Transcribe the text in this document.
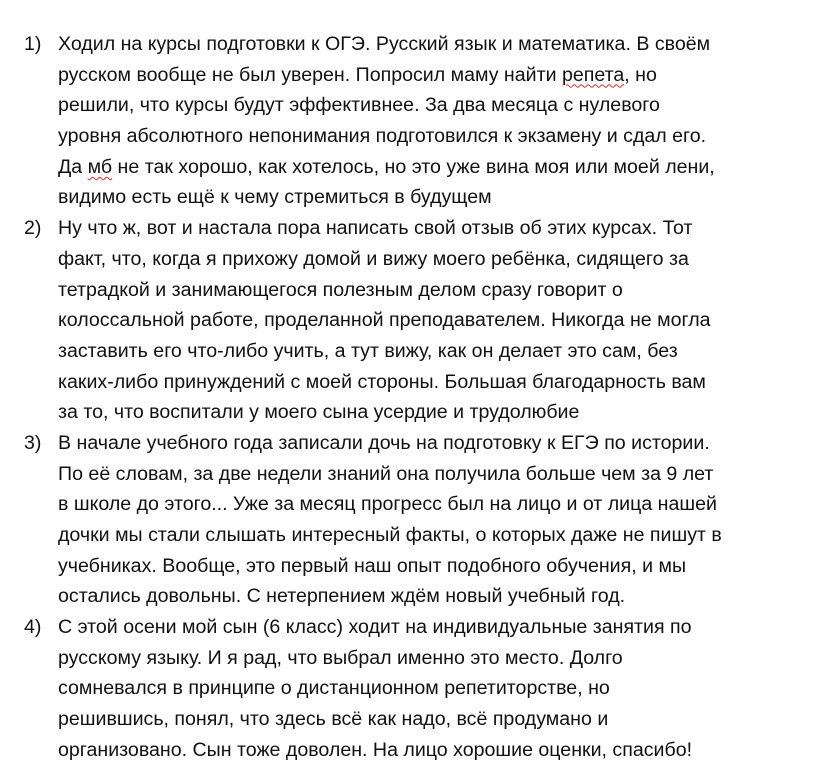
1) Ходил на курсы подготовки к ОГЭ. Русский язык и математика. В своём
русском вообще не был уверен. Попросил маму найти репета, но
решили, что курсы будут эффективнее. За два месяца с нулевого
уровня абсолютного непонимания подготовился к экзамену и сдал его.
Да мб не так хорошо, как хотелось, но это уже вина моя или моей лени,
видимо есть ещё к чему стремиться в будущем
2) Ну что ж, вот и настала пора написать свой отзыв об этих курсах. Тот
факт, что, когда я прихожу домой и вижу моего ребёнка, сидящего за
тетрадкой и занимающегося полезным делом сразу говорит о
колоссальной работе, проделанной преподавателем. Никогда не могла
заставить его что-либо учить, а тут вижу, как он делает это сам, без
каких-либо принуждений с моей стороны. Большая благодарность вам
за то, что воспитали у моего сына усердие и трудолюбие
3) В начале учебного года записали дочь на подготовку к ЕГЭ по истории.
По её словам, за две недели знаний она получила больше чем за 9 лет
в школе до этого... Уже за месяц прогресс был на лицо и от лица нашей
дочки мы стали слышать интересный факты, о которых даже не пишут в
учебниках. Вообще, это первый наш опыт подобного обучения, и мы
остались довольны. С нетерпением ждём новый учебный год.
4) С этой осени мой сын (6 класс) ходит на индивидуальные занятия по
русскому языку. И я рад, что выбрал именно это место. Долго
сомневался в принципе о дистанционном репетиторстве, но
решившись, понял, что здесь всё как надо, всё продумано и
организовано. Сын тоже доволен. На лицо хорошие оценки, спасибо!
